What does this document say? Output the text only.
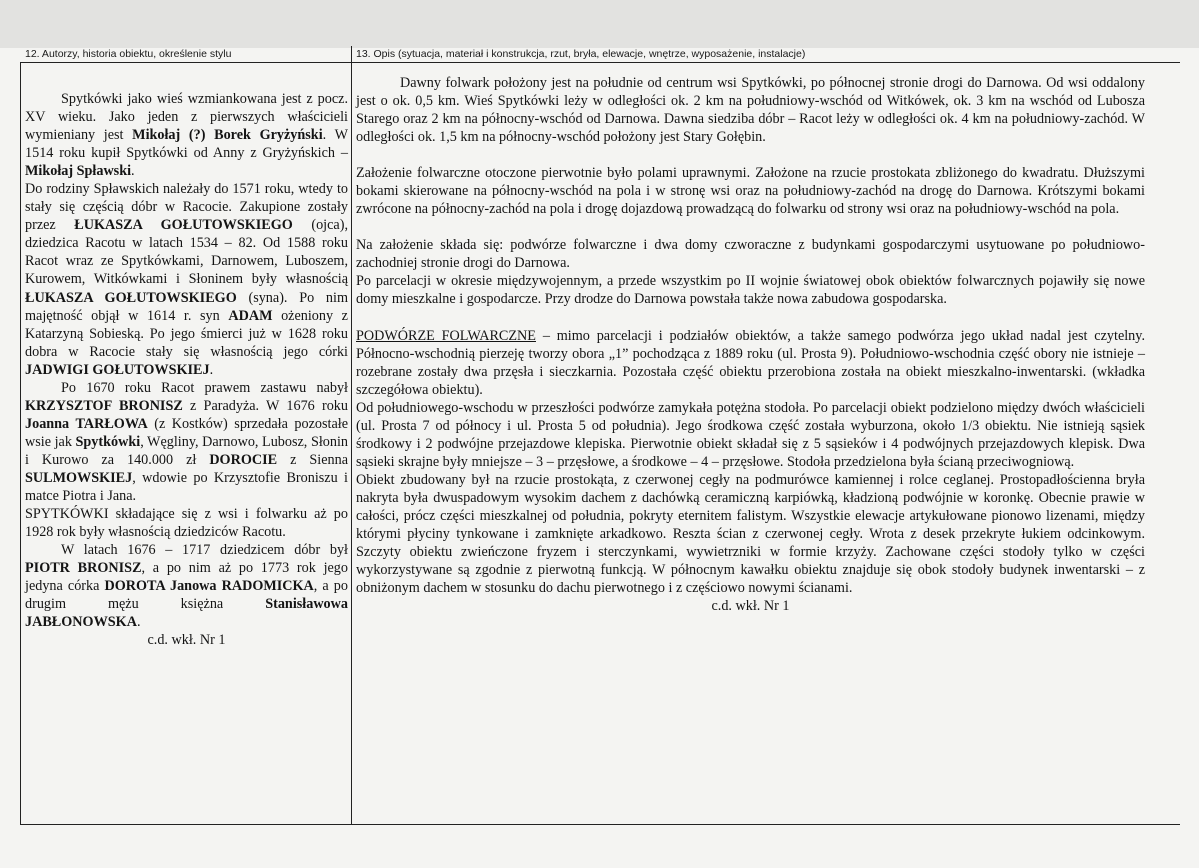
12. Autorzy, historia obiektu, określenie stylu	13. Opis (sytuacja, materiał i konstrukcja, rzut, bryła, elewacje, wnętrze, wyposażenie, instalacje)

Spytkówki jako wieś wzmiankowana jest z pocz. XV wieku. Jako jeden z pierwszych właścicieli wymieniany jest Mikołaj (?) Borek Gryżyński. W 1514 roku kupił Spytkówki od Anny z Gryżyńskich – Mikołaj Spławski.

Do rodziny Spławskich należały do 1571 roku, wtedy to stały się częścią dóbr w Racocie. Zakupione zostały przez ŁUKASZA GOŁUTOWSKIEGO (ojca), dziedzica Racotu w latach 1534 – 82. Od 1588 roku Racot wraz ze Spytkówkami, Darnowem, Luboszem, Kurowem, Witkówkami i Słoninem były własnością ŁUKASZA GOŁUTOWSKIEGO (syna). Po nim majętność objął w 1614 r. syn ADAM ożeniony z Katarzyną Sobieską. Po jego śmierci już w 1628 roku dobra w Racocie stały się własnością jego córki JADWIGI GOŁUTOWSKIEJ.

Po 1670 roku Racot prawem zastawu nabył KRZYSZTOF BRONISZ z Paradyża. W 1676 roku Joanna TARŁOWA (z Kostków) sprzedała pozostałe wsie jak Spytkówki, Węgliny, Darnowo, Lubosz, Słonin i Kurowo za 140.000 zł DOROCIE z Sienna SULMOWSKIEJ, wdowie po Krzysztofie Broniszu i matce Piotra i Jana.

SPYTKÓWKI składające się z wsi i folwarku aż po 1928 rok były własnością dziedziców Racotu.

W latach 1676 – 1717 dziedzicem dóbr był PIOTR BRONISZ, a po nim aż po 1773 rok jego jedyna córka DOROTA Janowa RADOMICKA, a po drugim mężu księżna Stanisławowa JABŁONOWSKA.

c.d. wkł. Nr 1

Dawny folwark położony jest na południe od centrum wsi Spytkówki, po północnej stronie drogi do Darnowa. Od wsi oddalony jest o ok. 0,5 km. Wieś Spytkówki leży w odległości ok. 2 km na południowy-wschód od Witkówek, ok. 3 km na wschód od Lubosza Starego oraz 2 km na północny-wschód od Darnowa. Dawna siedziba dóbr – Racot leży w odległości ok. 4 km na południowy-zachód. W odległości ok. 1,5 km na północny-wschód położony jest Stary Gołębin.

Założenie folwarczne otoczone pierwotnie było polami uprawnymi. Założone na rzucie prostokata zbliżonego do kwadratu. Dłuższymi bokami skierowane na północny-wschód na pola i w stronę wsi oraz na południowy-zachód na drogę do Darnowa. Krótszymi bokami zwrócone na północny-zachód na pola i drogę dojazdową prowadzącą do folwarku od strony wsi oraz na południowy-wschód na pola.

Na założenie składa się: podwórze folwarczne i dwa domy czworaczne z budynkami gospodarczymi usytuowane po południowo-zachodniej stronie drogi do Darnowa.

Po parcelacji w okresie międzywojennym, a przede wszystkim po II wojnie światowej obok obiektów folwarcznych pojawiły się nowe domy mieszkalne i gospodarcze. Przy drodze do Darnowa powstała także nowa zabudowa gospodarska.

PODWÓRZE FOLWARCZNE – mimo parcelacji i podziałów obiektów, a także samego podwórza jego układ nadal jest czytelny. Północno-wschodnią pierzeję tworzy obora „1” pochodząca z 1889 roku (ul. Prosta 9). Południowo-wschodnia część obory nie istnieje – rozebrane zostały dwa przęsła i sieczkarnia. Pozostała część obiektu przerobiona została na obiekt mieszkalno-inwentarski. (wkładka szczegółowa obiektu).

Od południowego-wschodu w przeszłości podwórze zamykała potężna stodoła. Po parcelacji obiekt podzielono między dwóch właścicieli (ul. Prosta 7 od północy i ul. Prosta 5 od południa). Jego środkowa część została wyburzona, około 1/3 obiektu. Nie istnieją sąsiek środkowy i 2 podwójne przejazdowe klepiska. Pierwotnie obiekt składał się z 5 sąsieków i 4 podwójnych przejazdowych klepisk. Dwa sąsieki skrajne były mniejsze – 3 – przęsłowe, a środkowe – 4 – przęsłowe. Stodoła przedzielona była ścianą przeciwogniową.

Obiekt zbudowany był na rzucie prostokąta, z czerwonej cegły na podmurówce kamiennej i rolce ceglanej. Prostopadłościenna bryła nakryta była dwuspadowym wysokim dachem z dachówką ceramiczną karpiówką, kładzioną podwójnie w koronkę. Obecnie prawie w całości, prócz części mieszkalnej od południa, pokryty eternitem falistym. Wszystkie elewacje artykułowane pionowo lizenami, między którymi płyciny tynkowane i zamknięte arkadkowo. Reszta ścian z czerwonej cegły. Wrota z desek przekryte łukiem odcinkowym. Szczyty obiektu zwieńczone fryzem i sterczynkami, wywietrzniki w formie krzyży. Zachowane części stodoły tylko w części wykorzystywane są zgodnie z pierwotną funkcją. W północnym kawałku obiektu znajduje się obok stodoły budynek inwentarski – z obniżonym dachem w stosunku do dachu pierwotnego i z częściowo nowymi ścianami.

c.d. wkł. Nr 1
